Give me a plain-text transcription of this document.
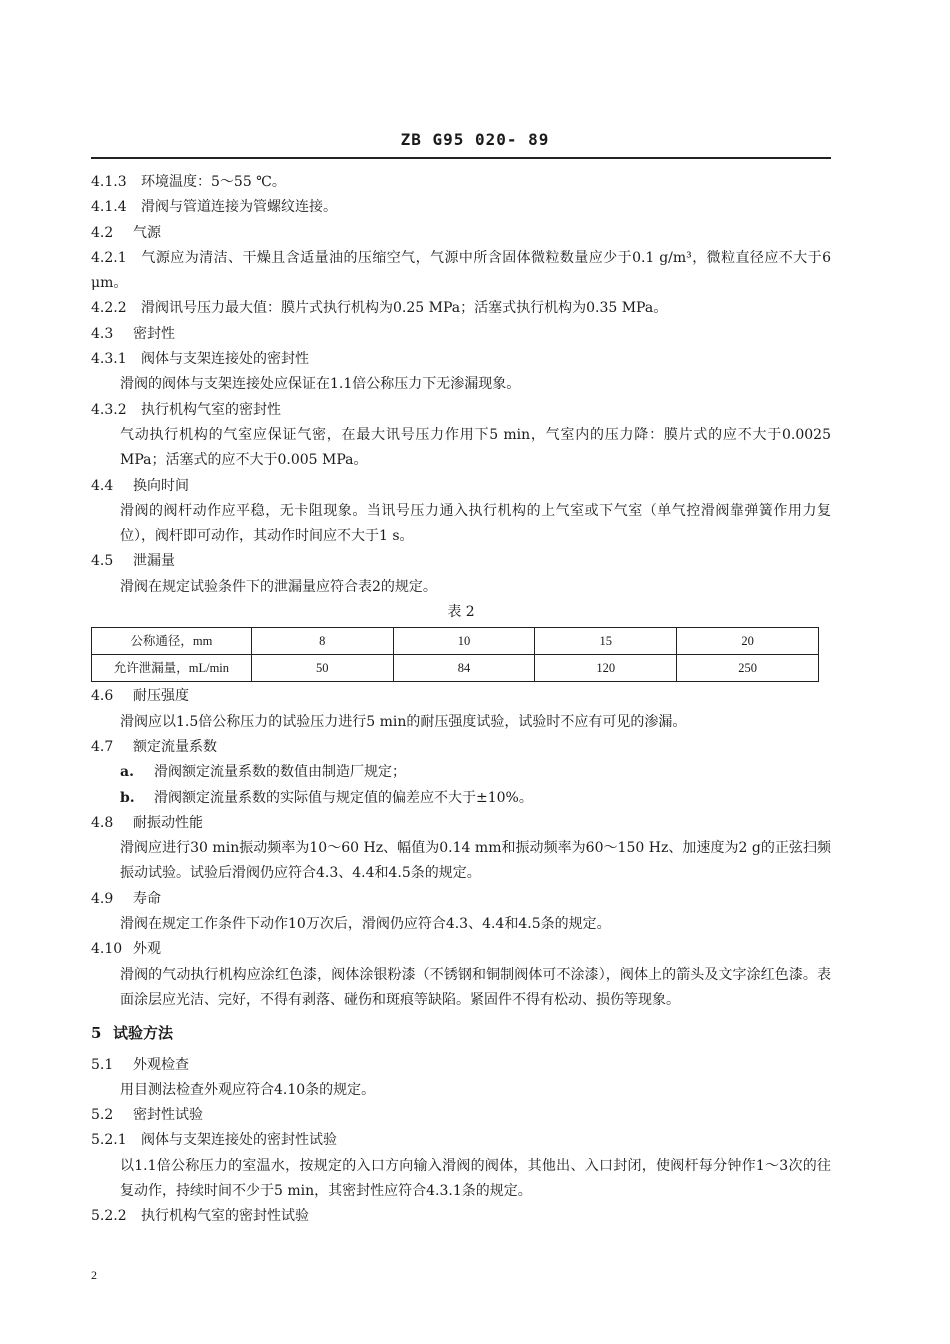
ZB G95 020- 89
4.1.3 环境温度：5～55 ℃。
4.1.4 滑阀与管道连接为管螺纹连接。
4.2 气源
4.2.1 气源应为清洁、干燥且含适量油的压缩空气，气源中所含固体微粒数量应少于0.1 g/m³，微粒直径应不大于6 μm。
4.2.2 滑阀讯号压力最大值：膜片式执行机构为0.25 MPa；活塞式执行机构为0.35 MPa。
4.3 密封性
4.3.1 阀体与支架连接处的密封性
滑阀的阀体与支架连接处应保证在1.1倍公称压力下无渗漏现象。
4.3.2 执行机构气室的密封性
气动执行机构的气室应保证气密，在最大讯号压力作用下5 min，气室内的压力降：膜片式的应不大于0.0025 MPa；活塞式的应不大于0.005 MPa。
4.4 换向时间
滑阀的阀杆动作应平稳，无卡阻现象。当讯号压力通入执行机构的上气室或下气室（单气控滑阀靠弹簧作用力复位），阀杆即可动作，其动作时间应不大于1 s。
4.5 泄漏量
滑阀在规定试验条件下的泄漏量应符合表2的规定。
表 2
公称通径，mm	8	10	15	20
允许泄漏量，mL/min	50	84	120	250
4.6 耐压强度
滑阀应以1.5倍公称压力的试验压力进行5 min的耐压强度试验，试验时不应有可见的渗漏。
4.7 额定流量系数
a. 滑阀额定流量系数的数值由制造厂规定；
b. 滑阀额定流量系数的实际值与规定值的偏差应不大于±10%。
4.8 耐振动性能
滑阀应进行30 min振动频率为10～60 Hz、幅值为0.14 mm和振动频率为60～150 Hz、加速度为2 g的正弦扫频振动试验。试验后滑阀仍应符合4.3、4.4和4.5条的规定。
4.9 寿命
滑阀在规定工作条件下动作10万次后，滑阀仍应符合4.3、4.4和4.5条的规定。
4.10 外观
滑阀的气动执行机构应涂红色漆，阀体涂银粉漆（不锈钢和铜制阀体可不涂漆），阀体上的箭头及文字涂红色漆。表面涂层应光洁、完好，不得有剥落、碰伤和斑痕等缺陷。紧固件不得有松动、损伤等现象。
5 试验方法
5.1 外观检查
用目测法检查外观应符合4.10条的规定。
5.2 密封性试验
5.2.1 阀体与支架连接处的密封性试验
以1.1倍公称压力的室温水，按规定的入口方向输入滑阀的阀体，其他出、入口封闭，使阀杆每分钟作1～3次的往复动作，持续时间不少于5 min，其密封性应符合4.3.1条的规定。
5.2.2 执行机构气室的密封性试验
2
